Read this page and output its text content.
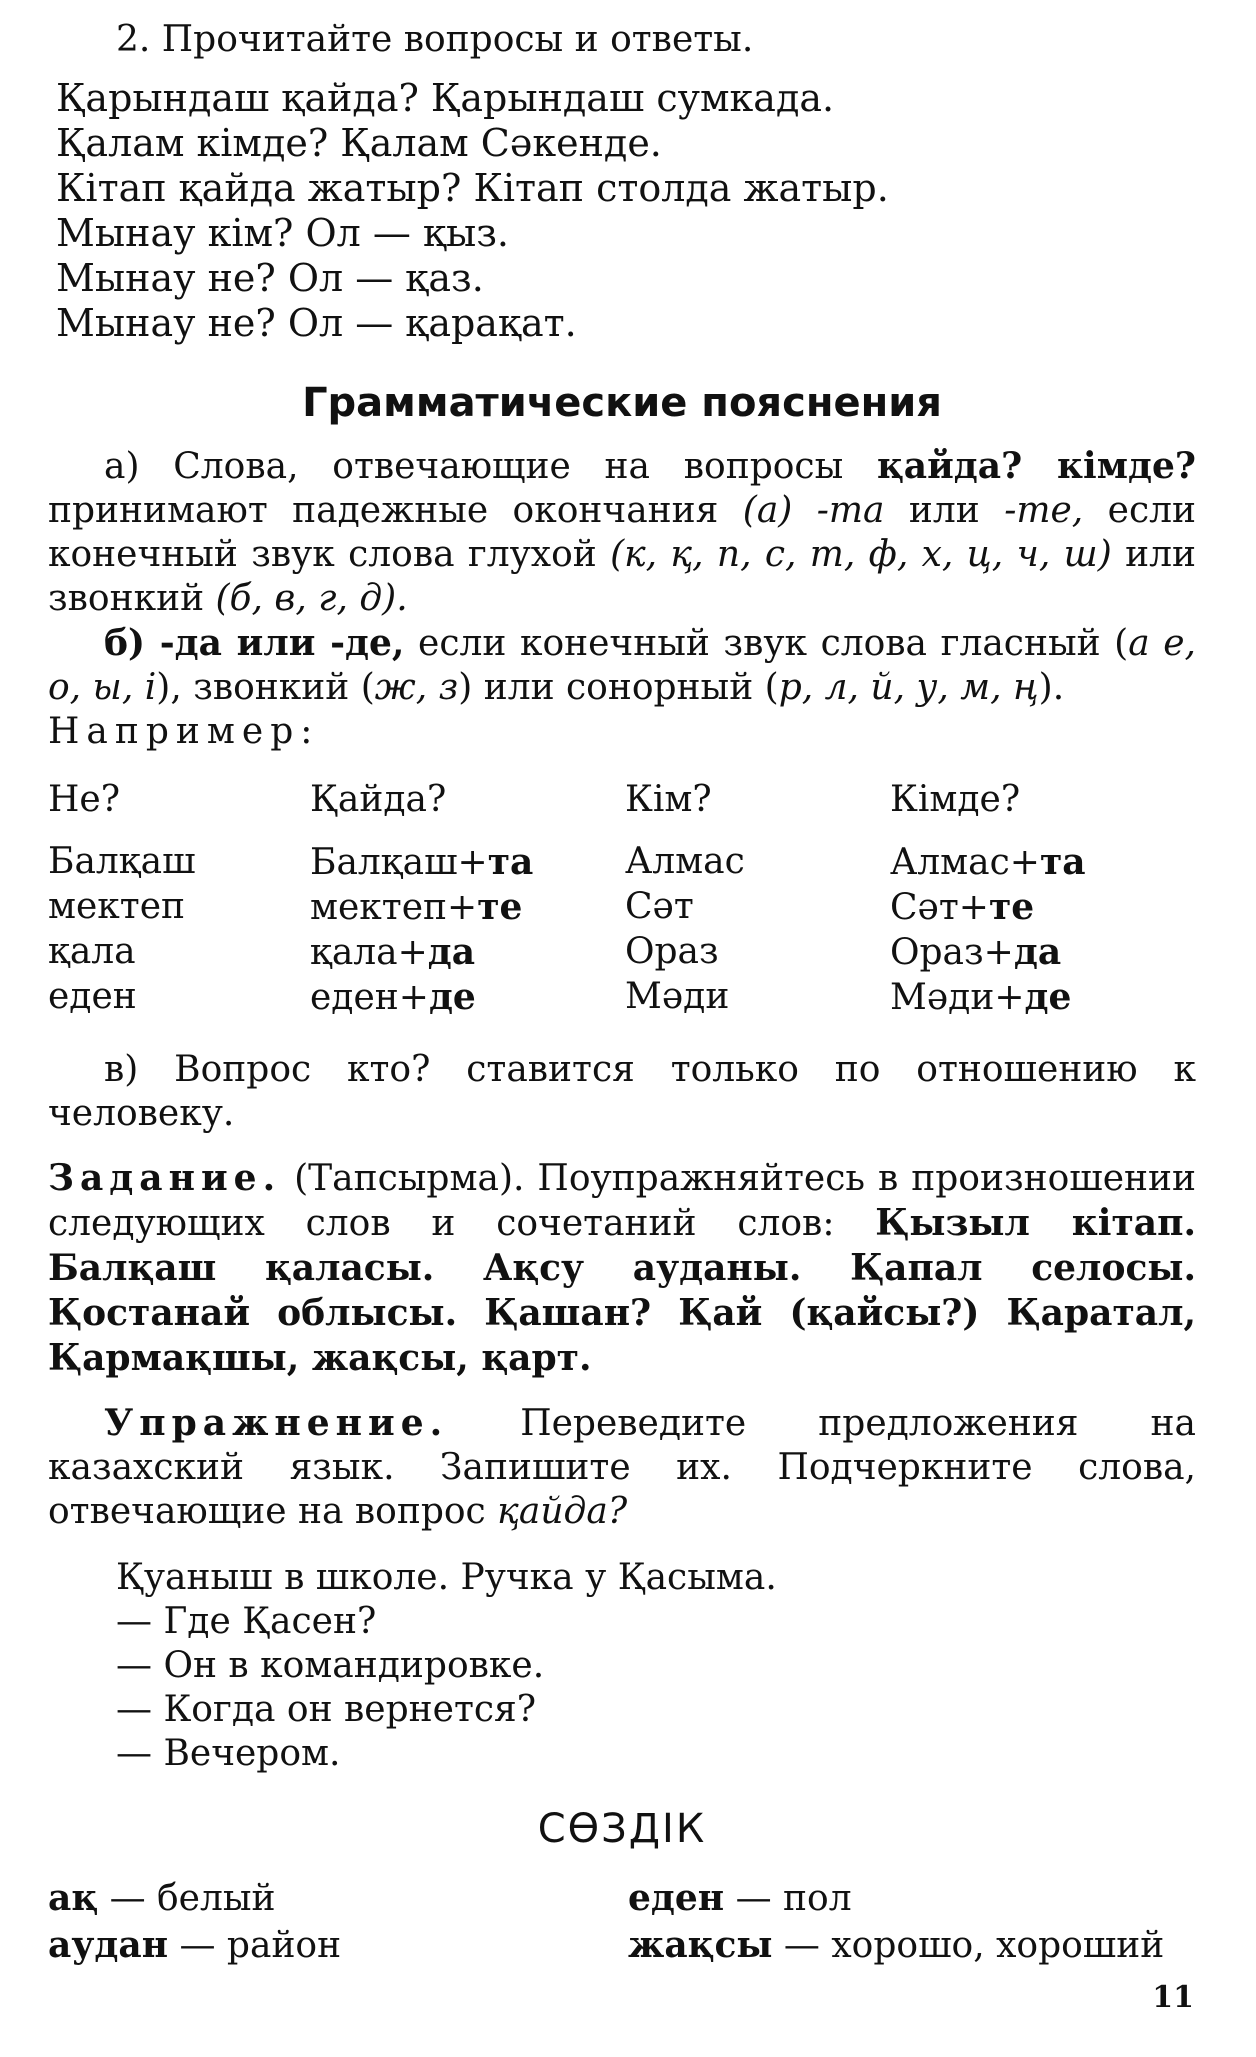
2. Прочитайте вопросы и ответы.

Қарындаш қайда? Қарындаш сумкада.
Қалам кімде? Қалам Сәкенде.
Кітап қайда жатыр? Кітап столда жатыр.
Мынау кім? Ол — қыз.
Мынау не? Ол — қаз.
Мынау не? Ол — қарақат.
Грамматические пояснения

а) Слова, отвечающие на вопросы қайда? кімде? принимают падежные окончания (а) -та или -те, если конечный звук слова глухой (к, қ, п, с, т, ф, х, ц, ч, ш) или звонкий (б, в, г, д).

б) -да или -де, если конечный звук слова гласный (а е, о, ы, і), звонкий (ж, з) или сонорный (р, л, й, у, м, ң).

Например:

Не?	Қайда?	Кім?	Кімде?
Балқаш	Балқаш+та	Алмас	Алмас+та
мектеп	мектеп+те	Сәт	Сәт+те
қала	қала+да	Ораз	Ораз+да
еден	еден+де	Мәди	Мәди+де

в) Вопрос кто? ставится только по отношению к человеку.

Задание. (Тапсырма). Поупражняйтесь в произношении следующих слов и сочетаний слов: Қызыл кітап. Балқаш қаласы. Ақсу ауданы. Қапал селосы. Қостанай облысы. Қашан? Қай (қайсы?) Қаратал, Қармақшы, жақсы, қарт.

Упражнение. Переведите предложения на казахский язык. Запишите их. Подчеркните слова, отвечающие на вопрос қайда?

Қуаныш в школе. Ручка у Қасыма.
— Где Қасен?
— Он в командировке.
— Когда он вернется?
— Вечером.
СӨЗДІК
ақ — белый	еден — пол
аудан — район	жақсы — хорошо, хороший
11
